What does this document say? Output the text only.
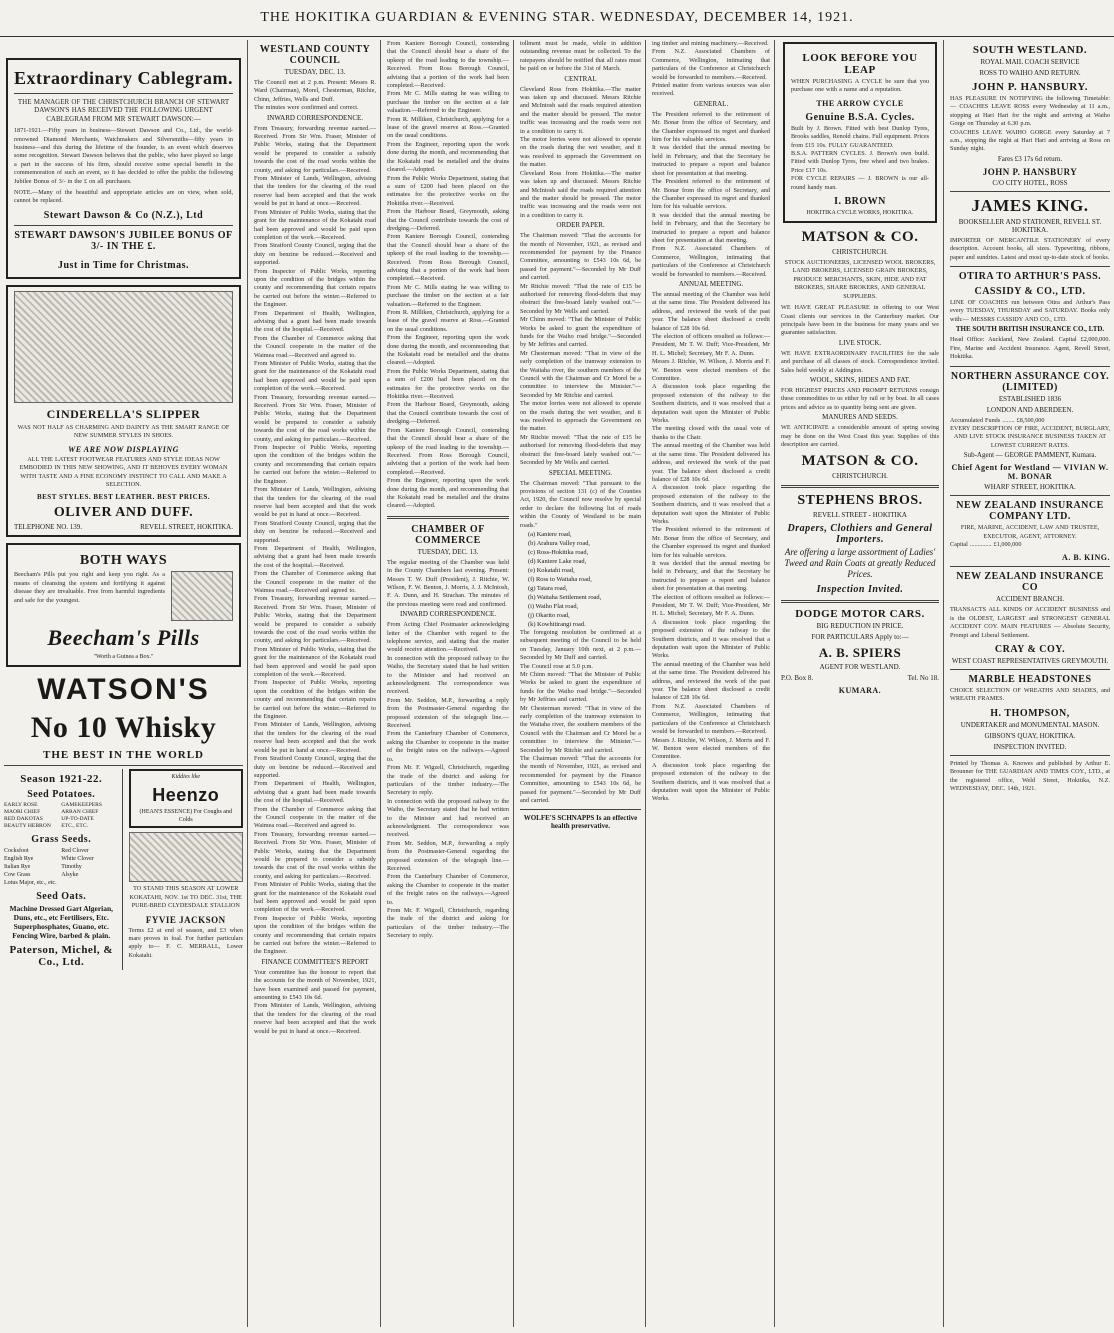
THE HOKITIKA GUARDIAN & EVENING STAR. WEDNESDAY, DECEMBER 14, 1921.
Extraordinary Cablegram.
THE MANAGER OF THE CHRISTCHURCH BRANCH OF STEWART DAWSON'S HAS RECEIVED THE FOLLOWING URGENT CABLEGRAM FROM MR STEWART DAWSON:—
1871-1921.—Fifty years in business—Stewart Dawson and Co., Ltd., the world-renowned Diamond Merchants, Watchmakers and Silversmiths—fifty years in business—and this during the lifetime of the founder, is an event which deserves some recognition. Stewart Dawson believes that the public, who have played so large a part in the success of his firm, should receive some special benefit in the commemoration of such an event, so it has decided to offer the public the following Jubilee Bonus of 3/- in the £ on all purchases.
NOTE.—Many of the beautiful and appropriate articles are on view, when sold, cannot be replaced.
Stewart Dawson & Co (N.Z.), Ltd
STEWART DAWSON'S JUBILEE BONUS OF 3/- IN THE £.
Just in Time for Christmas.
CINDERELLA'S SLIPPER
WAS NOT HALF AS CHARMING AND DAINTY AS THE SMART RANGE OF NEW SUMMER STYLES IN SHOES.
WE ARE NOW DISPLAYING
ALL THE LATEST FOOTWEAR FEATURES AND STYLE IDEAS NOW EMBODIED IN THIS NEW SHOWING, AND IT BEHOVES EVERY WOMAN WITH TASTE AND A FINE ECONOMY INSTINCT TO CALL AND MAKE A SELECTION.
BEST STYLES. BEST LEATHER. BEST PRICES.
OLIVER AND DUFF.
TELEPHONE NO. 139.	REVELL STREET, HOKITIKA.
BOTH WAYS
Beecham's Pills put you right and keep you right. As a means of cleansing the system and fortifying it against disease they are invaluable. Free from harmful ingredients and safe for the youngest.
Beecham's Pills
"Worth a Guinea a Box."
WATSON'S
No 10 Whisky
THE BEST IN THE WORLD
Season 1921-22.
Seed Potatoes.
EARLY ROSE	GAMEKEEPERS
MAORI CHIEF	ARRAN CHIEF
RED DAKOTAS	UP-TO-DATE
BEAUTY HEBRON	ETC., ETC.
Grass Seeds.
Cocksfoot	Red Clover
English Rye	White Clover
Italian Rye	Timothy
Cow Grass	Alsyke
Lotus Major, etc., etc.
Seed Oats.
Machine Dressed Gart Algerian, Duns, etc., etc Fertilisers, Etc. Superphosphates, Guano, etc. Fencing Wire, barbed & plain.
Paterson, Michel, & Co., Ltd.
Kiddies like
Heenzo
(HEAN'S ESSENCE) For Coughs and Colds
TO STAND THIS SEASON AT LOWER KOKATAHI, NOV. 1st TO DEC. 31st, THE PURE-BRED CLYDESDALE STALLION
FYVIE JACKSON
Terms £2 at end of season, and £3 when mare proves in foal. For further particulars apply to— F. C. MERRALL, Lower Kokatahi.
WESTLAND COUNTY COUNCIL
TUESDAY, DEC. 13.
The Council met at 2 p.m. Present: Messrs R. Ward (Chairman), Morel, Chesterman, Ritchie, Chinn, Jeffries, Wells and Duff.
The minutes were confirmed and correct.
INWARD CORRESPONDENCE.
From Treasury, forwarding revenue earned.—Received. From Sir Wm. Fraser, Minister of Public Works, stating that the Department would be prepared to consider a subsidy towards the cost of the road works within the county, and asking for particulars.—Received.
From Minister of Lands, Wellington, advising that the tenders for the clearing of the road reserve had been accepted and that the work would be put in hand at once.—Received.
From Minister of Public Works, stating that the grant for the maintenance of the Kokatahi road had been approved and would be paid upon completion of the work.—Received.
From Stratford County Council, urging that the duty on benzine be reduced.—Received and supported.
From Inspector of Public Works, reporting upon the condition of the bridges within the county and recommending that certain repairs be carried out before the winter.—Referred to the Engineer.
From Department of Health, Wellington, advising that a grant had been made towards the cost of the hospital.—Received.
From the Chamber of Commerce asking that the Council cooperate in the matter of the Waimea road.—Received and agreed to.
From Minister of Public Works, stating that the grant for the maintenance of the Kokatahi road had been approved and would be paid upon completion of the work.—Received.
From Treasury, forwarding revenue earned.—Received. From Sir Wm. Fraser, Minister of Public Works, stating that the Department would be prepared to consider a subsidy towards the cost of the road works within the county, and asking for particulars.—Received.
From Inspector of Public Works, reporting upon the condition of the bridges within the county and recommending that certain repairs be carried out before the winter.—Referred to the Engineer.
From Minister of Lands, Wellington, advising that the tenders for the clearing of the road reserve had been accepted and that the work would be put in hand at once.—Received.
From Stratford County Council, urging that the duty on benzine be reduced.—Received and supported.
From Department of Health, Wellington, advising that a grant had been made towards the cost of the hospital.—Received.
From the Chamber of Commerce asking that the Council cooperate in the matter of the Waimea road.—Received and agreed to.
From Treasury, forwarding revenue earned.—Received. From Sir Wm. Fraser, Minister of Public Works, stating that the Department would be prepared to consider a subsidy towards the cost of the road works within the county, and asking for particulars.—Received.
From Minister of Public Works, stating that the grant for the maintenance of the Kokatahi road had been approved and would be paid upon completion of the work.—Received.
From Inspector of Public Works, reporting upon the condition of the bridges within the county and recommending that certain repairs be carried out before the winter.—Referred to the Engineer.
From Minister of Lands, Wellington, advising that the tenders for the clearing of the road reserve had been accepted and that the work would be put in hand at once.—Received.
From Stratford County Council, urging that the duty on benzine be reduced.—Received and supported.
From Department of Health, Wellington, advising that a grant had been made towards the cost of the hospital.—Received.
From the Chamber of Commerce asking that the Council cooperate in the matter of the Waimea road.—Received and agreed to.
From Treasury, forwarding revenue earned.—Received. From Sir Wm. Fraser, Minister of Public Works, stating that the Department would be prepared to consider a subsidy towards the cost of the road works within the county, and asking for particulars.—Received.
From Minister of Public Works, stating that the grant for the maintenance of the Kokatahi road had been approved and would be paid upon completion of the work.—Received.
From Inspector of Public Works, reporting upon the condition of the bridges within the county and recommending that certain repairs be carried out before the winter.—Referred to the Engineer.
FINANCE COMMITTEE'S REPORT
Your committee has the honour to report that the accounts for the month of November, 1921, have been examined and passed for payment, amounting to £543 10s 6d.
From Minister of Lands, Wellington, advising that the tenders for the clearing of the road reserve had been accepted and that the work would be put in hand at once.—Received.
From Kaniere Borough Council, contending that the Council should bear a share of the upkeep of the road leading to the township.—Received. From Ross Borough Council, advising that a portion of the work had been completed.—Received.
From Mr C. Mills stating he was willing to purchase the timber on the section at a fair valuation.—Referred to the Engineer.
From R. Milliken, Christchurch, applying for a lease of the gravel reserve at Ross.—Granted on the usual conditions.
From the Engineer, reporting upon the work done during the month, and recommending that the Kokatahi road be metalled and the drains cleared.—Adopted.
From the Public Works Department, stating that a sum of £200 had been placed on the estimates for the protective works on the Hokitika river.—Received.
From the Harbour Board, Greymouth, asking that the Council contribute towards the cost of dredging.—Deferred.
From Kaniere Borough Council, contending that the Council should bear a share of the upkeep of the road leading to the township.—Received. From Ross Borough Council, advising that a portion of the work had been completed.—Received.
From Mr C. Mills stating he was willing to purchase the timber on the section at a fair valuation.—Referred to the Engineer.
From R. Milliken, Christchurch, applying for a lease of the gravel reserve at Ross.—Granted on the usual conditions.
From the Engineer, reporting upon the work done during the month, and recommending that the Kokatahi road be metalled and the drains cleared.—Adopted.
From the Public Works Department, stating that a sum of £200 had been placed on the estimates for the protective works on the Hokitika river.—Received.
From the Harbour Board, Greymouth, asking that the Council contribute towards the cost of dredging.—Deferred.
From Kaniere Borough Council, contending that the Council should bear a share of the upkeep of the road leading to the township.—Received. From Ross Borough Council, advising that a portion of the work had been completed.—Received.
From the Engineer, reporting upon the work done during the month, and recommending that the Kokatahi road be metalled and the drains cleared.—Adopted.
CHAMBER OF COMMERCE
TUESDAY, DEC. 13.
The regular meeting of the Chamber was held in the County Chambers last evening. Present: Messrs T. W. Duff (President), J. Ritchie, W. Wilson, F. W. Benton, J. Morris, J. J. McIntosh, F. A. Dunn, and H. Strachan. The minutes of the previous meeting were read and confirmed.
INWARD CORRESPONDENCE.
From Acting Chief Postmaster acknowledging letter of the Chamber with regard to the telephone service, and stating that the matter would receive attention.—Received.
In connection with the proposed railway to the Waiho, the Secretary stated that he had written to the Minister and had received an acknowledgment. The correspondence was received.
From Mr. Seddon, M.P., forwarding a reply from the Postmaster-General regarding the proposed extension of the telegraph line.—Received.
From the Canterbury Chamber of Commerce, asking the Chamber to cooperate in the matter of the freight rates on the railways.—Agreed to.
From Mr. F. Wigzell, Christchurch, regarding the trade of the district and asking for particulars of the timber industry.—The Secretary to reply.
In connection with the proposed railway to the Waiho, the Secretary stated that he had written to the Minister and had received an acknowledgment. The correspondence was received.
From Mr. Seddon, M.P., forwarding a reply from the Postmaster-General regarding the proposed extension of the telegraph line.—Received.
From the Canterbury Chamber of Commerce, asking the Chamber to cooperate in the matter of the freight rates on the railways.—Agreed to.
From Mr. F. Wigzell, Christchurch, regarding the trade of the district and asking for particulars of the timber industry.—The Secretary to reply.
tollment must be made, while in addition outstanding revenue must be collected. To the ratepayers should be notified that all rates must be paid on or before the 31st of March.
CENTRAL
Cleveland Ross from Hokitika.—The matter was taken up and discussed. Messrs Ritchie and McIntosh said the roads required attention and the matter should be pressed. The motor traffic was increasing and the roads were not in a condition to carry it.
The motor lorries were not allowed to operate on the roads during the wet weather, and it was resolved to approach the Government on the matter.
Cleveland Ross from Hokitika.—The matter was taken up and discussed. Messrs Ritchie and McIntosh said the roads required attention and the matter should be pressed. The motor traffic was increasing and the roads were not in a condition to carry it.
ORDER PAPER.
The Chairman moved: "That the accounts for the month of November, 1921, as revised and recommended for payment by the Finance Committee, amounting to £543 10s 6d, be passed for payment."—Seconded by Mr Duff and carried.
Mr Ritchie moved: "That the rate of £15 be authorised for removing flood-debris that may obstruct the free-board lately washed out."—Seconded by Mr Wells and carried.
Mr Chinn moved: "That the Minister of Public Works be asked to grant the expenditure of funds for the Waiho road bridge."—Seconded by Mr Jeffries and carried.
Mr Chesterman moved: "That in view of the early completion of the tramway extension to the Waitaha river, the southern members of the Council with the Chairman and Cr Morel be a committee to interview the Minister."—Seconded by Mr Ritchie and carried.
The motor lorries were not allowed to operate on the roads during the wet weather, and it was resolved to approach the Government on the matter.
Mr Ritchie moved: "That the rate of £15 be authorised for removing flood-debris that may obstruct the free-board lately washed out."—Seconded by Mr Wells and carried.
SPECIAL MEETING.
The Chairman moved: "That pursuant to the provisions of section 131 (c) of the Counties Act, 1920, the Council now resolve by special order to declare the following list of roads within the County of Westland to be main roads."
(a) Kaniere road,
(b) Arahura Valley road,
(c) Ross-Hokitika road,
(d) Kaniere Lake road,
(e) Kokatahi road,
(f) Ross to Waitaha road,
(g) Tatara road,
(h) Waitaha Settlement road,
(i) Waiho Flat road,
(j) Okarito road,
(k) Kowhitirangi road.
The foregoing resolution be confirmed at a subsequent meeting of the Council to be held on Tuesday, January 10th next, at 2 p.m.—Seconded by Mr Duff and carried.
The Council rose at 5.0 p.m.
Mr Chinn moved: "That the Minister of Public Works be asked to grant the expenditure of funds for the Waiho road bridge."—Seconded by Mr Jeffries and carried.
Mr Chesterman moved: "That in view of the early completion of the tramway extension to the Waitaha river, the southern members of the Council with the Chairman and Cr Morel be a committee to interview the Minister."—Seconded by Mr Ritchie and carried.
The Chairman moved: "That the accounts for the month of November, 1921, as revised and recommended for payment by the Finance Committee, amounting to £543 10s 6d, be passed for payment."—Seconded by Mr Duff and carried.
WOLFE'S SCHNAPPS Is an effective health preservative.
ing timber and mining machinery.—Received.
From N.Z. Associated Chambers of Commerce, Wellington, intimating that particulars of the Conference at Christchurch would be forwarded to members.—Received.
Printed matter from various sources was also received.
GENERAL.
The President referred to the retirement of Mr. Bonar from the office of Secretary, and the Chamber expressed its regret and thanked him for his valuable services.
It was decided that the annual meeting be held in February, and that the Secretary be instructed to prepare a report and balance sheet for presentation at that meeting.
The President referred to the retirement of Mr. Bonar from the office of Secretary, and the Chamber expressed its regret and thanked him for his valuable services.
It was decided that the annual meeting be held in February, and that the Secretary be instructed to prepare a report and balance sheet for presentation at that meeting.
From N.Z. Associated Chambers of Commerce, Wellington, intimating that particulars of the Conference at Christchurch would be forwarded to members.—Received.
ANNUAL MEETING.
The annual meeting of the Chamber was held at the same time. The President delivered his address, and reviewed the work of the past year. The balance sheet disclosed a credit balance of £28 10s 6d.
The election of officers resulted as follows:—President, Mr T. W. Duff; Vice-President, Mr H. L. Michel; Secretary, Mr F. A. Dunn.
Messrs J. Ritchie, W. Wilson, J. Morris and F. W. Benton were elected members of the Committee.
A discussion took place regarding the proposed extension of the railway to the Southern districts, and it was resolved that a deputation wait upon the Minister of Public Works.
The meeting closed with the usual vote of thanks to the Chair.
The annual meeting of the Chamber was held at the same time. The President delivered his address, and reviewed the work of the past year. The balance sheet disclosed a credit balance of £28 10s 6d.
A discussion took place regarding the proposed extension of the railway to the Southern districts, and it was resolved that a deputation wait upon the Minister of Public Works.
The President referred to the retirement of Mr. Bonar from the office of Secretary, and the Chamber expressed its regret and thanked him for his valuable services.
It was decided that the annual meeting be held in February, and that the Secretary be instructed to prepare a report and balance sheet for presentation at that meeting.
The election of officers resulted as follows:—President, Mr T. W. Duff; Vice-President, Mr H. L. Michel; Secretary, Mr F. A. Dunn.
A discussion took place regarding the proposed extension of the railway to the Southern districts, and it was resolved that a deputation wait upon the Minister of Public Works.
The annual meeting of the Chamber was held at the same time. The President delivered his address, and reviewed the work of the past year. The balance sheet disclosed a credit balance of £28 10s 6d.
From N.Z. Associated Chambers of Commerce, Wellington, intimating that particulars of the Conference at Christchurch would be forwarded to members.—Received.
Messrs J. Ritchie, W. Wilson, J. Morris and F. W. Benton were elected members of the Committee.
A discussion took place regarding the proposed extension of the railway to the Southern districts, and it was resolved that a deputation wait upon the Minister of Public Works.
LOOK BEFORE YOU LEAP
WHEN PURCHASING A CYCLE be sure that you purchase one with a name and a reputation.
THE ARROW CYCLE
Genuine B.S.A. Cycles.
Built by J. Brown. Fitted with best Dunlop Tyres, Brooks saddles, Renold chains. Full equipment. Prices from £15 10s. FULLY GUARANTEED.
B.S.A. PATTERN CYCLES. J. Brown's own build. Fitted with Dunlop Tyres, free wheel and two brakes. Price £17 10s.
FOR CYCLE REPAIRS — J. BROWN is our all-round handy man.
I. BROWN
HOKITIKA CYCLE WORKS, HOKITIKA.
MATSON & CO.
CHRISTCHURCH.
STOCK AUCTIONEERS, LICENSED WOOL BROKERS, LAND BROKERS, LICENSED GRAIN BROKERS, PRODUCE MERCHANTS, SKIN, HIDE AND FAT BROKERS, SHARE BROKERS, AND GENERAL SUPPLIERS.
WE HAVE GREAT PLEASURE in offering to our West Coast clients our services in the Canterbury market. Our principals have been in the business for many years and we guarantee satisfaction.
LIVE STOCK.
WE HAVE EXTRAORDINARY FACILITIES for the sale and purchase of all classes of stock. Correspondence invited. Sales held weekly at Addington.
WOOL, SKINS, HIDES AND FAT.
FOR HIGHEST PRICES AND PROMPT RETURNS consign these commodities to us either by rail or by boat. In all cases prices and advice as to quantity being sent are given.
MANURES AND SEEDS.
WE ANTICIPATE a considerable amount of spring sowing may be done on the West Coast this year. Supplies of this description are carried.
MATSON & CO.
CHRISTCHURCH.
STEPHENS BROS.
REVELL STREET - HOKITIKA
Drapers, Clothiers and General Importers.
Are offering a large assortment of Ladies' Tweed and Rain Coats at greatly Reduced Prices.
Inspection Invited.
DODGE MOTOR CARS.
BIG REDUCTION IN PRICE.
FOR PARTICULARS Apply to:—
A. B. SPIERS
AGENT FOR WESTLAND.
P.O. Box 8.	Tel. No 18.
KUMARA.
SOUTH WESTLAND.
ROYAL MAIL COACH SERVICE
ROSS TO WAIHO AND RETURN.
JOHN P. HANSBURY.
HAS PLEASURE IN NOTIFYING the following Timetable:— COACHES LEAVE ROSS every Wednesday at 11 a.m., stopping at Hari Hari for the night and arriving at Waiho Gorge on Thursday at 6.30 p.m.
COACHES LEAVE WAIHO GORGE every Saturday at 7 a.m., stopping the night at Hari Hari and arriving at Ross on Sunday night.
Fares £3 17s 6d return.
JOHN P. HANSBURY
C/O CITY HOTEL, ROSS
JAMES KING.
BOOKSELLER AND STATIONER, REVELL ST. HOKITIKA.
IMPORTER OF MERCANTILE STATIONERY of every description. Account books, all sizes. Typewriting, ribbons, paper and sundries. Latest and most up-to-date stock of books.
OTIRA TO ARTHUR'S PASS.
CASSIDY & CO., LTD.
LINE OF COACHES run between Otira and Arthur's Pass every TUESDAY, THURSDAY and SATURDAY. Books only with:— MESSRS CASSIDY AND CO., LTD.
THE SOUTH BRITISH INSURANCE CO., LTD.
Head Office: Auckland, New Zealand. Capital £2,000,000. Fire, Marine and Accident Insurance. Agent, Revell Street, Hokitika.
NORTHERN ASSURANCE COY. (LIMITED)
ESTABLISHED 1836
LONDON AND ABERDEEN.
Accumulated Funds ........ £8,500,000
EVERY DESCRIPTION OF FIRE, ACCIDENT, BURGLARY, AND LIVE STOCK INSURANCE BUSINESS TAKEN AT LOWEST CURRENT RATES.
Sub-Agent — GEORGE PAMMENT, Kumara.
Chief Agent for Westland — VIVIAN W. M. BONAR
WHARF STREET, HOKITIKA.
NEW ZEALAND INSURANCE COMPANY LTD.
FIRE, MARINE, ACCIDENT, LAW AND TRUSTEE, EXECUTOR, AGENT, ATTORNEY.
Capital .............. £1,000,000
A. B. KING.
NEW ZEALAND INSURANCE CO
ACCIDENT BRANCH.
TRANSACTS ALL KINDS OF ACCIDENT BUSINESS and is the OLDEST, LARGEST and STRONGEST GENERAL ACCIDENT COY. MAIN FEATURES — Absolute Security, Prompt and Liberal Settlement.
CRAY & COY.
WEST COAST REPRESENTATIVES GREYMOUTH.
MARBLE HEADSTONES
CHOICE SELECTION OF WREATHS AND SHADES, and WREATH FRAMES.
H. THOMPSON,
UNDERTAKER and MONUMENTAL MASON.
GIBSON'S QUAY, HOKITIKA.
INSPECTION INVITED.
Printed by Thomas A. Knowes and published by Arthur E. Brounner for THE GUARDIAN AND TIMES COY., LTD., at the registered office, Weld Street, Hokitika, N.Z. WEDNESDAY, DEC. 14th, 1921.
